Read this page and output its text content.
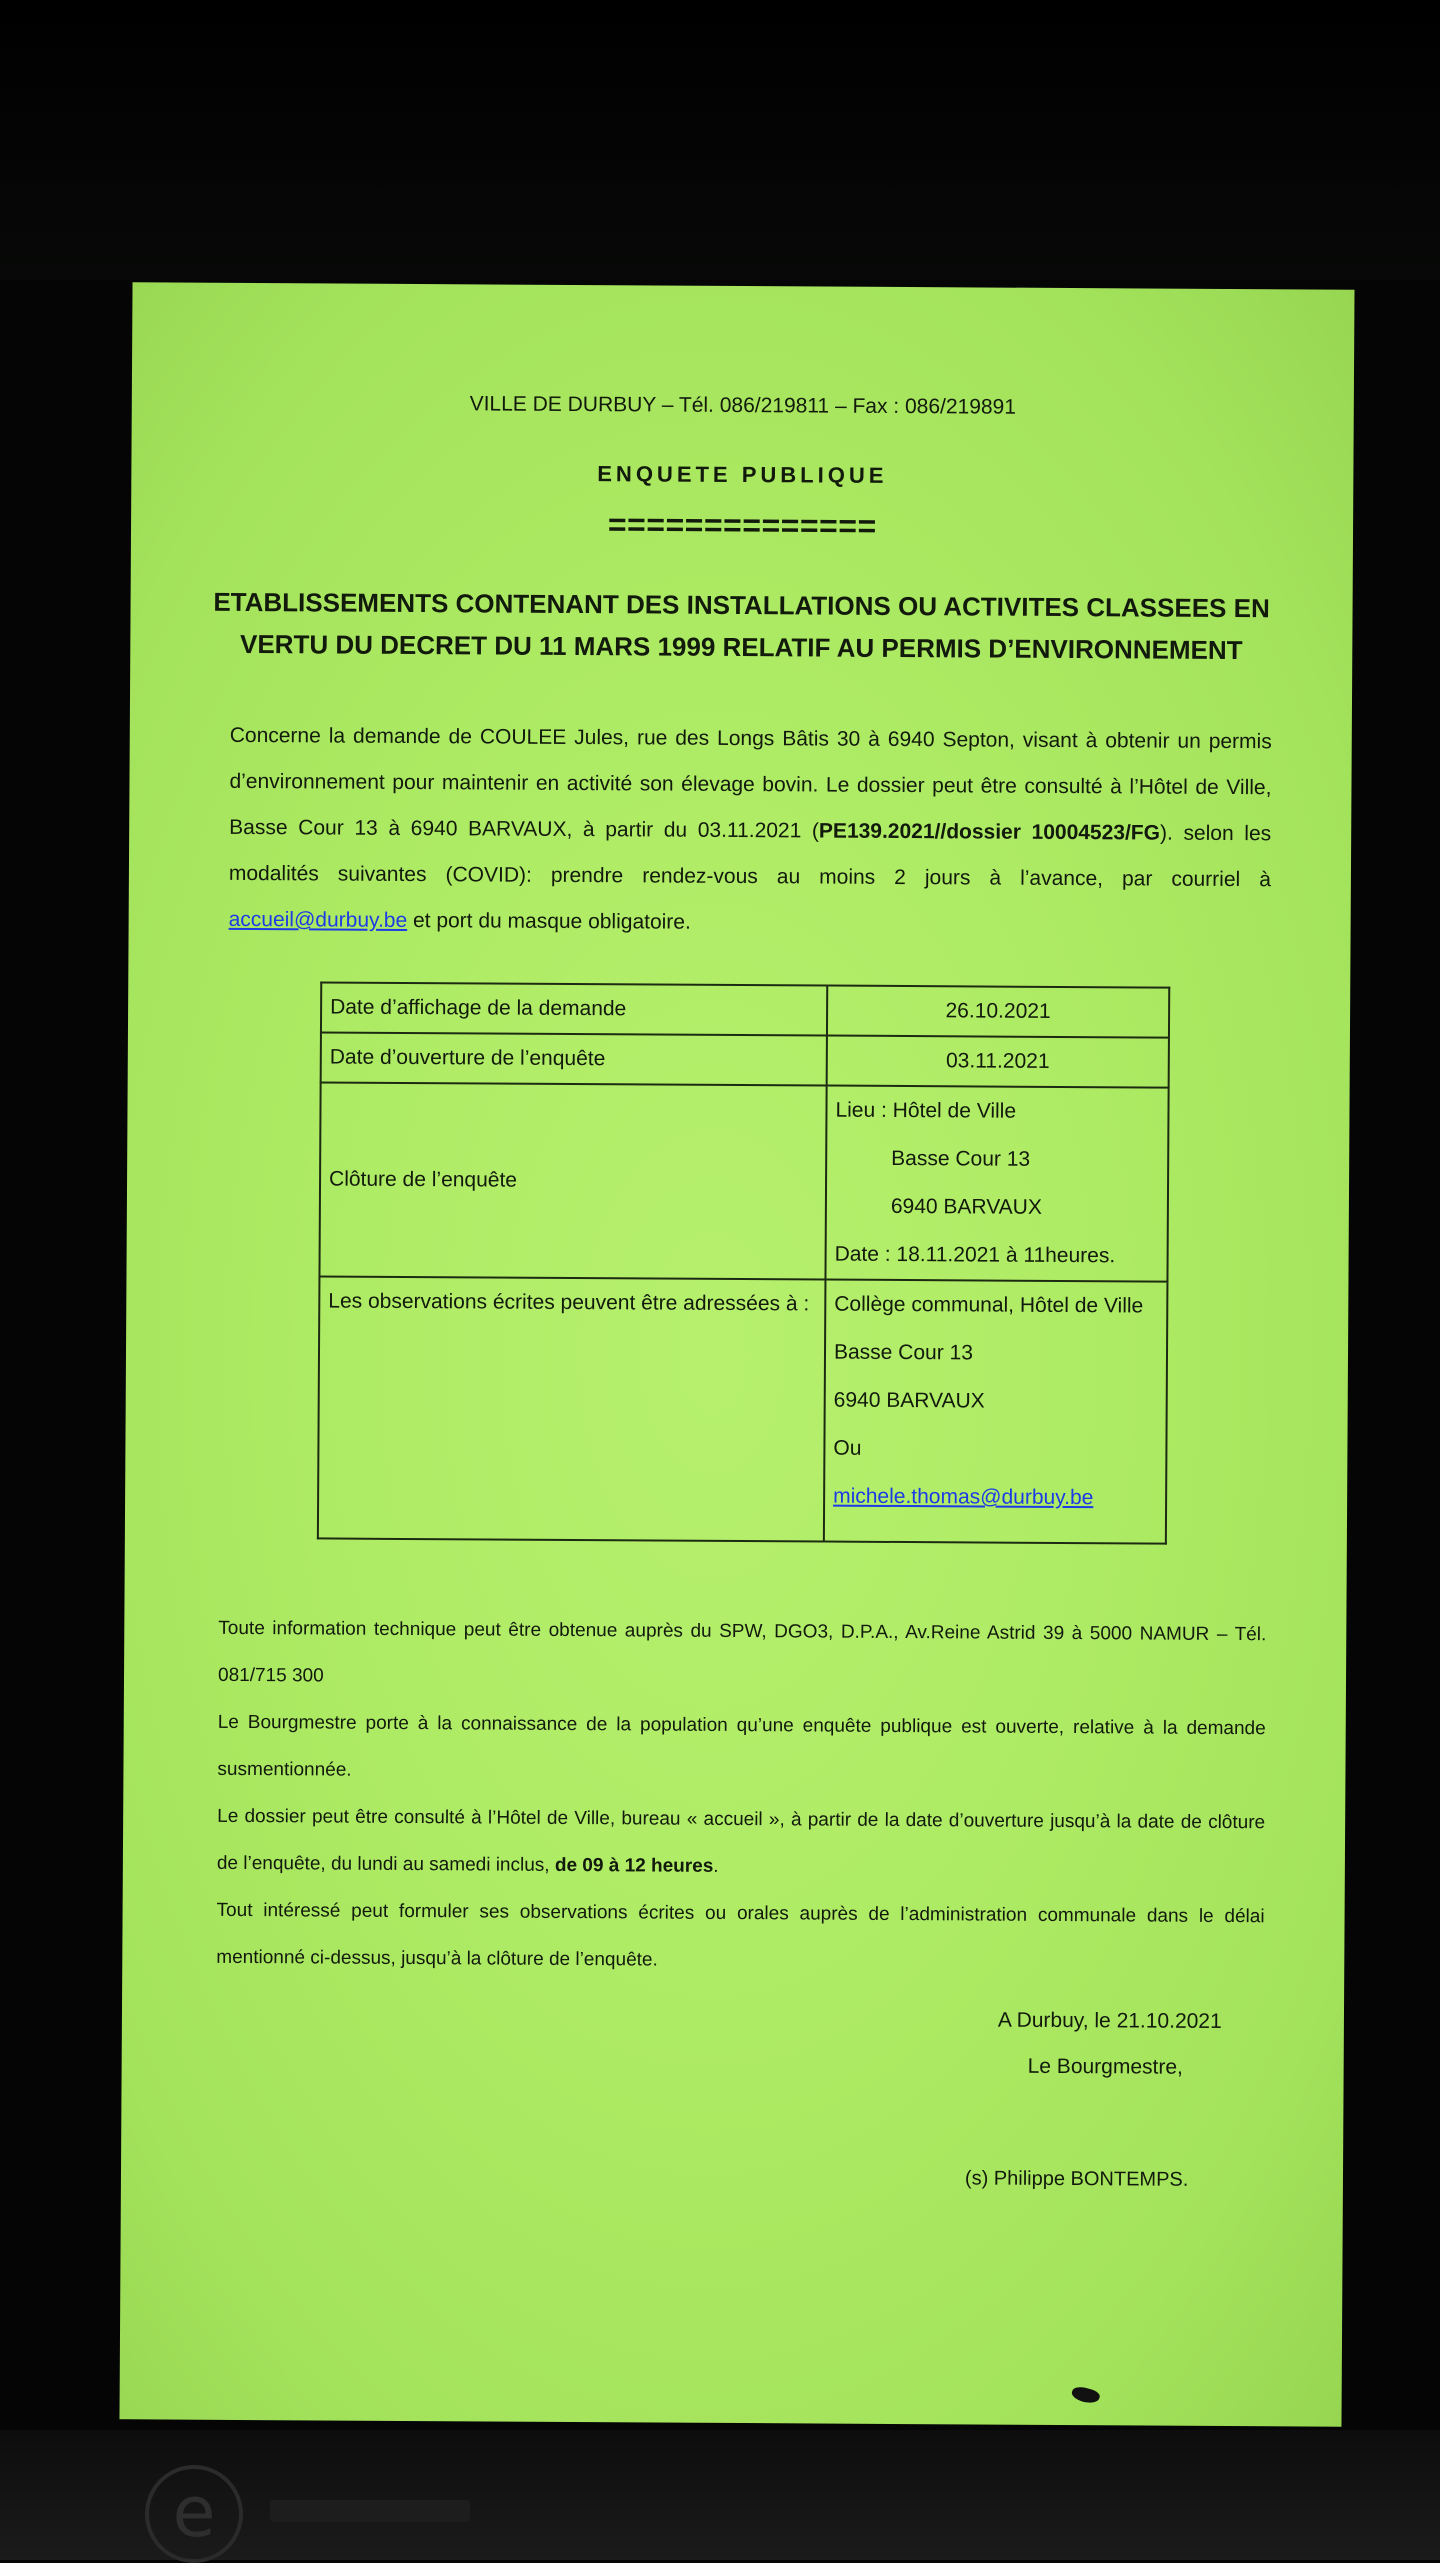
VILLE DE DURBUY – Tél. 086/219811 – Fax : 086/219891
ENQUETE PUBLIQUE
==============
ETABLISSEMENTS CONTENANT DES INSTALLATIONS OU ACTIVITES CLASSEES EN
VERTU DU DECRET DU 11 MARS 1999 RELATIF AU PERMIS D’ENVIRONNEMENT
Concerne la demande de COULEE Jules, rue des Longs Bâtis 30 à 6940 Septon, visant à obtenir un permis d’environnement pour maintenir en activité son élevage bovin. Le dossier peut être consulté à l’Hôtel de Ville, Basse Cour 13 à 6940 BARVAUX, à partir du 03.11.2021 (PE139.2021//dossier 10004523/FG). selon les modalités suivantes (COVID): prendre rendez-vous au moins 2 jours à l’avance, par courriel à accueil@durbuy.be et port du masque obligatoire.
Date d’affichage de la demande	26.10.2021
Date d’ouverture de l’enquête	03.11.2021
Clôture de l’enquête	Lieu : Hôtel de Ville
Basse Cour 13
6940 BARVAUX
Date : 18.11.2021 à 11heures.

Les observations écrites peuvent être adressées à :	Collège communal, Hôtel de Ville
Basse Cour 13
6940 BARVAUX
Ou
michele.thomas@durbuy.be

Toute information technique peut être obtenue auprès du SPW, DGO3, D.P.A., Av.Reine Astrid 39 à 5000 NAMUR – Tél. 081/715 300

Le Bourgmestre porte à la connaissance de la population qu’une enquête publique est ouverte, relative à la demande susmentionnée.

Le dossier peut être consulté à l’Hôtel de Ville, bureau « accueil », à partir de la date d’ouverture jusqu’à la date de clôture de l’enquête, du lundi au samedi inclus, de 09 à 12 heures.

Tout intéressé peut formuler ses observations écrites ou orales auprès de l’administration communale dans le délai mentionné ci-dessus, jusqu’à la clôture de l’enquête.

A Durbuy, le 21.10.2021
Le Bourgmestre,
(s) Philippe BONTEMPS.
e
